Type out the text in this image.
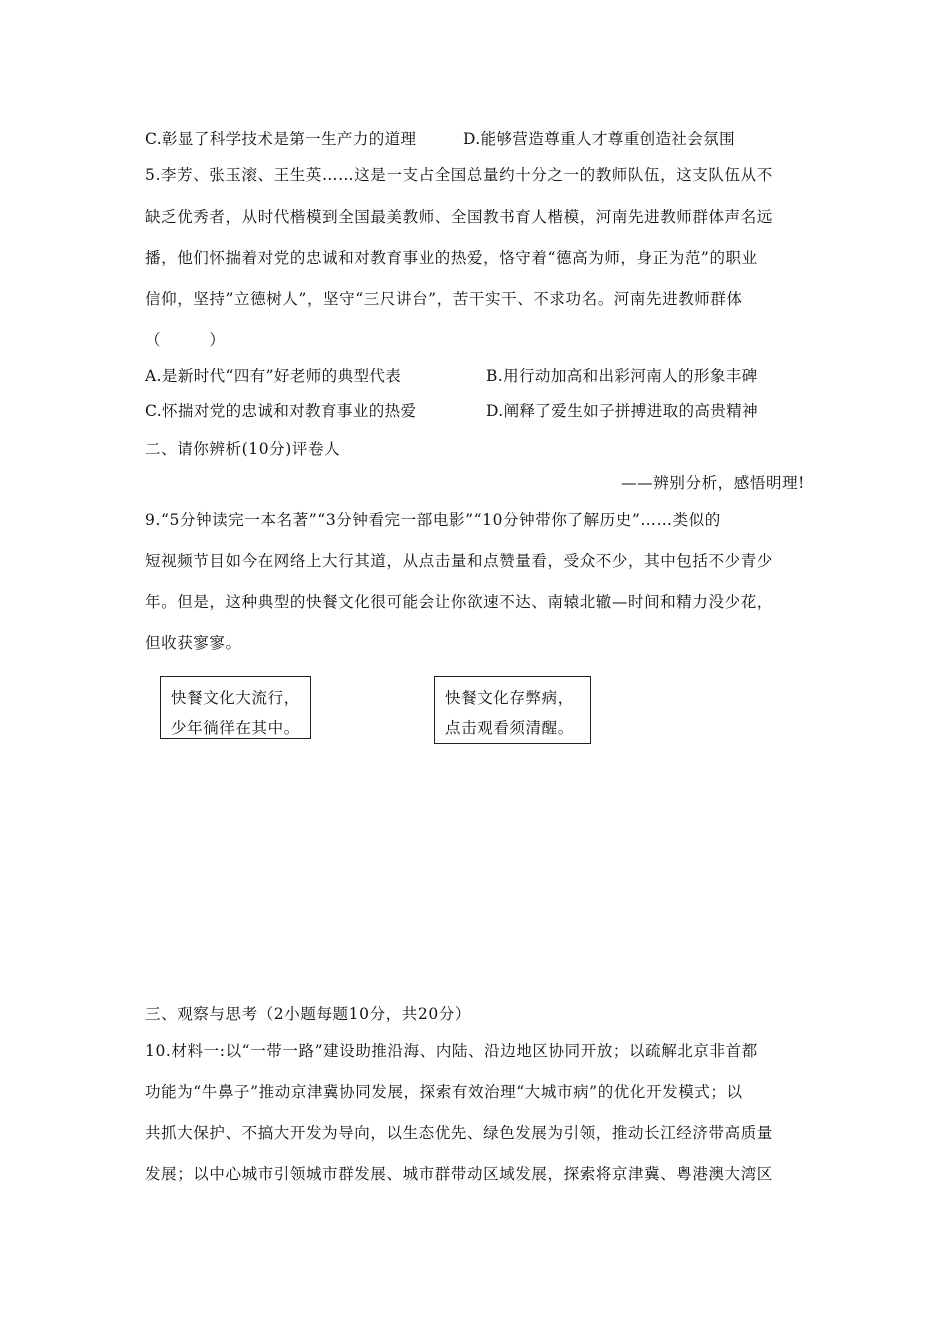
C.彰显了科学技术是第一生产力的道理	D.能够营造尊重人才尊重创造社会氛围
5.李芳、张玉滚、王生英……这是一支占全国总量约十分之一的教师队伍，这支队伍从不
缺乏优秀者，从时代楷模到全国最美教师、全国教书育人楷模，河南先进教师群体声名远
播，他们怀揣着对党的忠诚和对教育事业的热爱，恪守着“德高为师，身正为范”的职业
信仰，坚持”立德树人”，坚守“三尺讲台”，苦干实干、不求功名。河南先进教师群体
（　　　）
A.是新时代“四有”好老师的典型代表	B.用行动加高和出彩河南人的形象丰碑
C.怀揣对党的忠诚和对教育事业的热爱	D.阐释了爱生如子拼搏进取的高贵精神
二、请你辨析(10分)评卷人
——辨别分析，感悟明理!
9.“5分钟读完一本名著”“3分钟看完一部电影”“10分钟带你了解历史”……类似的
短视频节目如今在网络上大行其道，从点击量和点赞量看，受众不少，其中包括不少青少
年。但是，这种典型的快餐文化很可能会让你欲速不达、南辕北辙—时间和精力没少花，
但收获寥寥。
快餐文化大流行，
少年徜徉在其中。
快餐文化存弊病，
点击观看须清醒。
三、观察与思考（2小题每题10分，共20分）
10.材料一:以“一带一路”建设助推沿海、内陆、沿边地区协同开放；以疏解北京非首都
功能为“牛鼻子”推动京津冀协同发展，探索有效治理“大城市病”的优化开发模式；以
共抓大保护、不搞大开发为导向，以生态优先、绿色发展为引领，推动长江经济带高质量
发展；以中心城市引领城市群发展、城市群带动区域发展，探索将京津冀、粤港澳大湾区
